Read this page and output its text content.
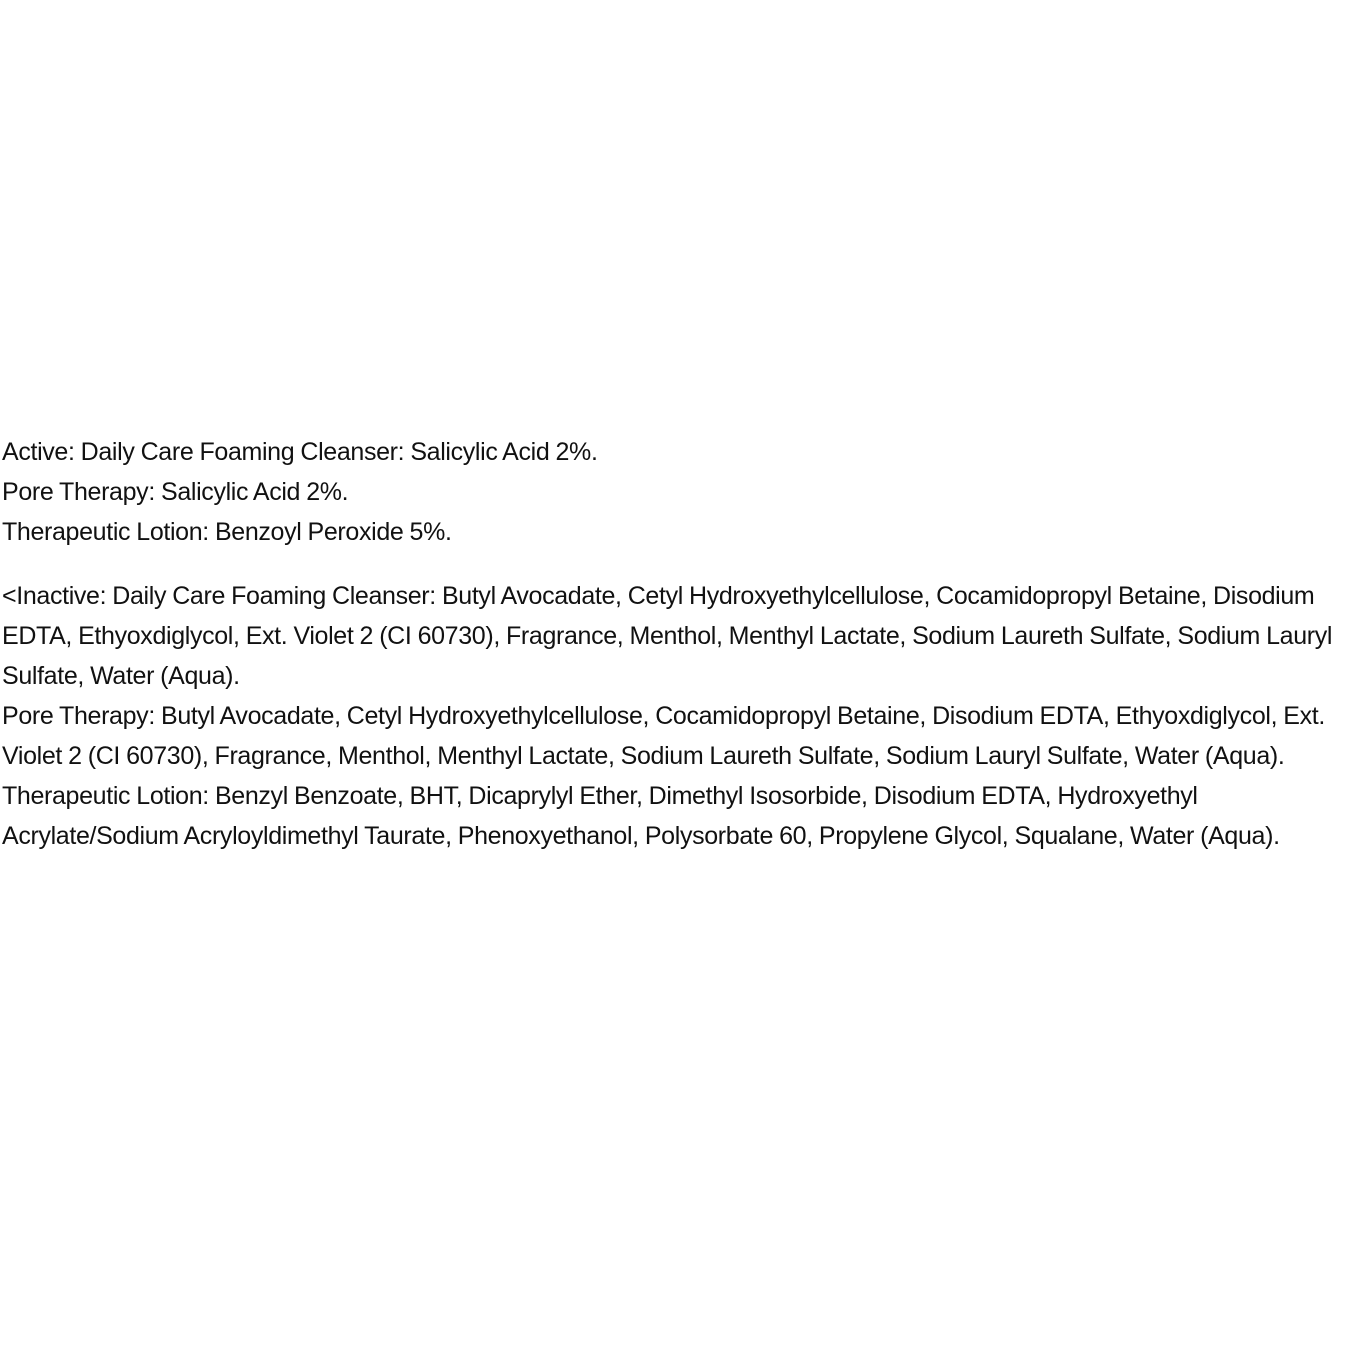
Active: Daily Care Foaming Cleanser: Salicylic Acid 2%.

Pore Therapy: Salicylic Acid 2%.

Therapeutic Lotion: Benzoyl Peroxide 5%.

<Inactive: Daily Care Foaming Cleanser: Butyl Avocadate, Cetyl Hydroxyethylcellulose, Cocamidopropyl Betaine, Disodium EDTA, Ethyoxdiglycol, Ext. Violet 2 (CI 60730), Fragrance, Menthol, Menthyl Lactate, Sodium Laureth Sulfate, Sodium Lauryl Sulfate, Water (Aqua).

Pore Therapy: Butyl Avocadate, Cetyl Hydroxyethylcellulose, Cocamidopropyl Betaine, Disodium EDTA, Ethyoxdiglycol, Ext. Violet 2 (CI 60730), Fragrance, Menthol, Menthyl Lactate, Sodium Laureth Sulfate, Sodium Lauryl Sulfate, Water (Aqua).

Therapeutic Lotion: Benzyl Benzoate, BHT, Dicaprylyl Ether, Dimethyl Isosorbide, Disodium EDTA, Hydroxyethyl Acrylate/Sodium Acryloyldimethyl Taurate, Phenoxyethanol, Polysorbate 60, Propylene Glycol, Squalane, Water (Aqua).
